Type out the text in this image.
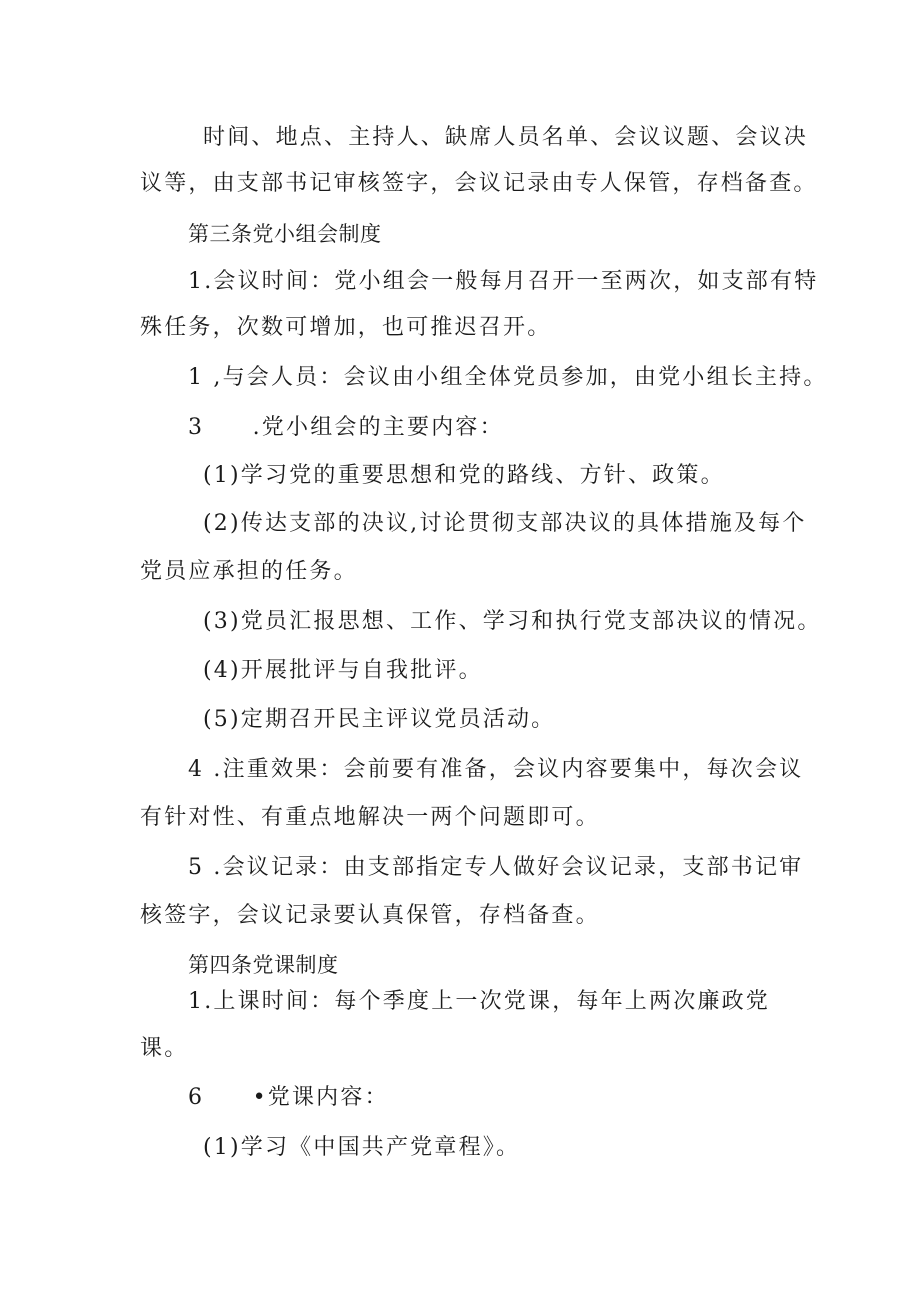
时间、地点、主持人、缺席人员名单、会议议题、会议决
议等，由支部书记审核签字，会议记录由专人保管，存档备查。
第三条党小组会制度
1.会议时间：党小组会一般每月召开一至两次，如支部有特
殊任务，次数可增加，也可推迟召开。
1 ,与会人员：会议由小组全体党员参加，由党小组长主持。
3　　.党小组会的主要内容：
(1)学习党的重要思想和党的路线、方针、政策。
(2)传达支部的决议,讨论贯彻支部决议的具体措施及每个
党员应承担的任务。
(3)党员汇报思想、工作、学习和执行党支部决议的情况。
(4)开展批评与自我批评。
(5)定期召开民主评议党员活动。
4 .注重效果：会前要有准备，会议内容要集中，每次会议
有针对性、有重点地解决一两个问题即可。
5 .会议记录：由支部指定专人做好会议记录，支部书记审
核签字，会议记录要认真保管，存档备查。
第四条党课制度
1.上课时间：每个季度上一次党课，每年上两次廉政党
课。
6　　•党课内容：
(1)学习《中国共产党章程》。
